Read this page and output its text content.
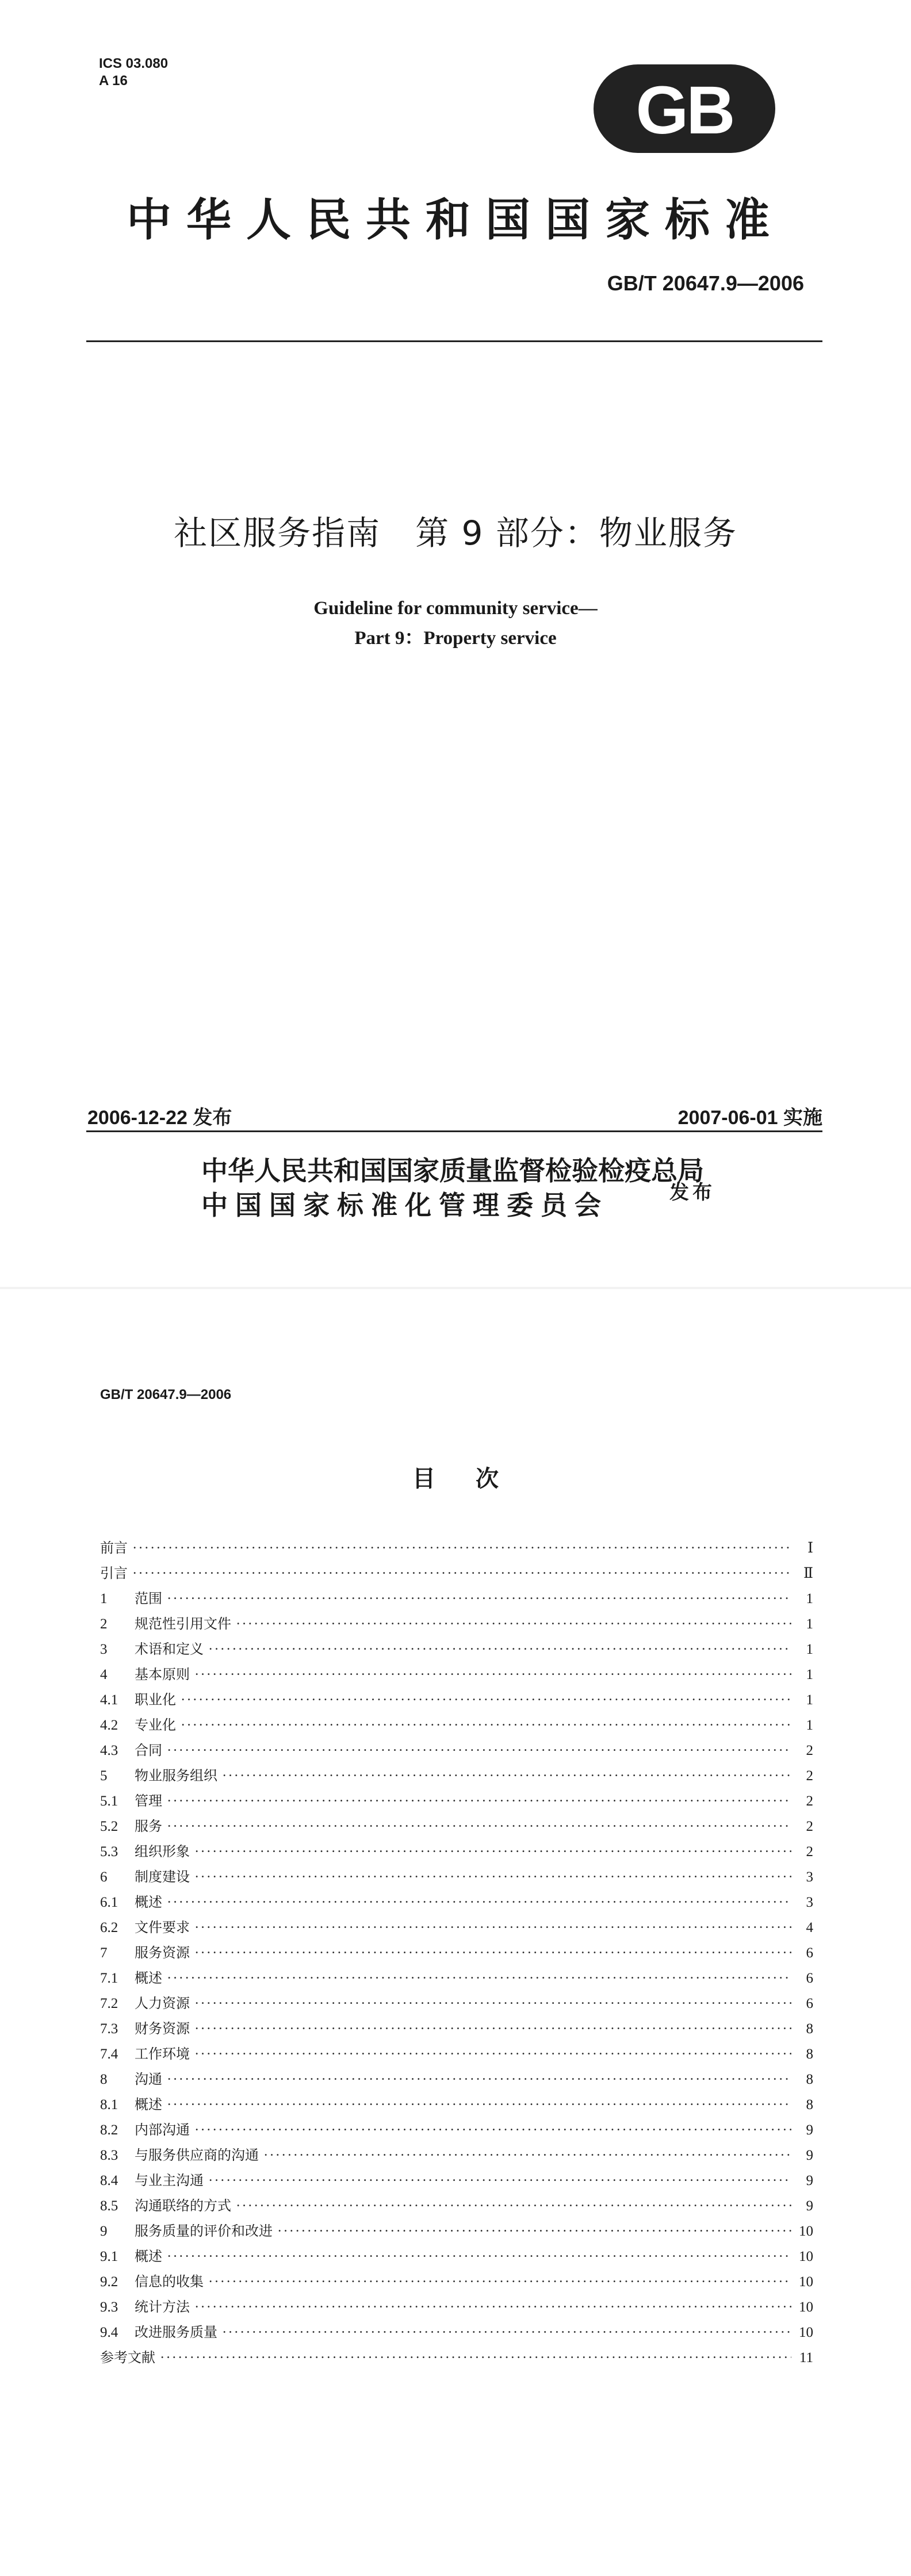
ICS 03.080
A 16	GB
中华人民共和国国家标准
GB/T 20647.9—2006
社区服务指南　第 9 部分：物业服务
Guideline for community service—
Part 9：Property service
2006-12-22 发布	2007-06-01 实施
中华人民共和国国家质量监督检验检疫总局
中国国家标准化管理委员会	发布
GB/T 20647.9—2006
目次
前言 ·····	Ⅰ
引言 ·····	Ⅱ
1	范围 ·····	1
2	规范性引用文件 ·····	1
3	术语和定义 ·····	1
4	基本原则 ·····	1
4.1	职业化 ·····	1
4.2	专业化 ·····	1
4.3	合同 ·····	2
5	物业服务组织 ·····	2
5.1	管理 ·····	2
5.2	服务 ·····	2
5.3	组织形象 ·····	2
6	制度建设 ·····	3
6.1	概述 ·····	3
6.2	文件要求 ·····	4
7	服务资源 ·····	6
7.1	概述 ·····	6
7.2	人力资源 ·····	6
7.3	财务资源 ·····	8
7.4	工作环境 ·····	8
8	沟通 ·····	8
8.1	概述 ·····	8
8.2	内部沟通 ·····	9
8.3	与服务供应商的沟通 ·····	9
8.4	与业主沟通 ·····	9
8.5	沟通联络的方式 ·····	9
9	服务质量的评价和改进 ·····	10
9.1	概述 ·····	10
9.2	信息的收集 ·····	10
9.3	统计方法 ·····	10
9.4	改进服务质量 ·····	10
参考文献 ·····	11
